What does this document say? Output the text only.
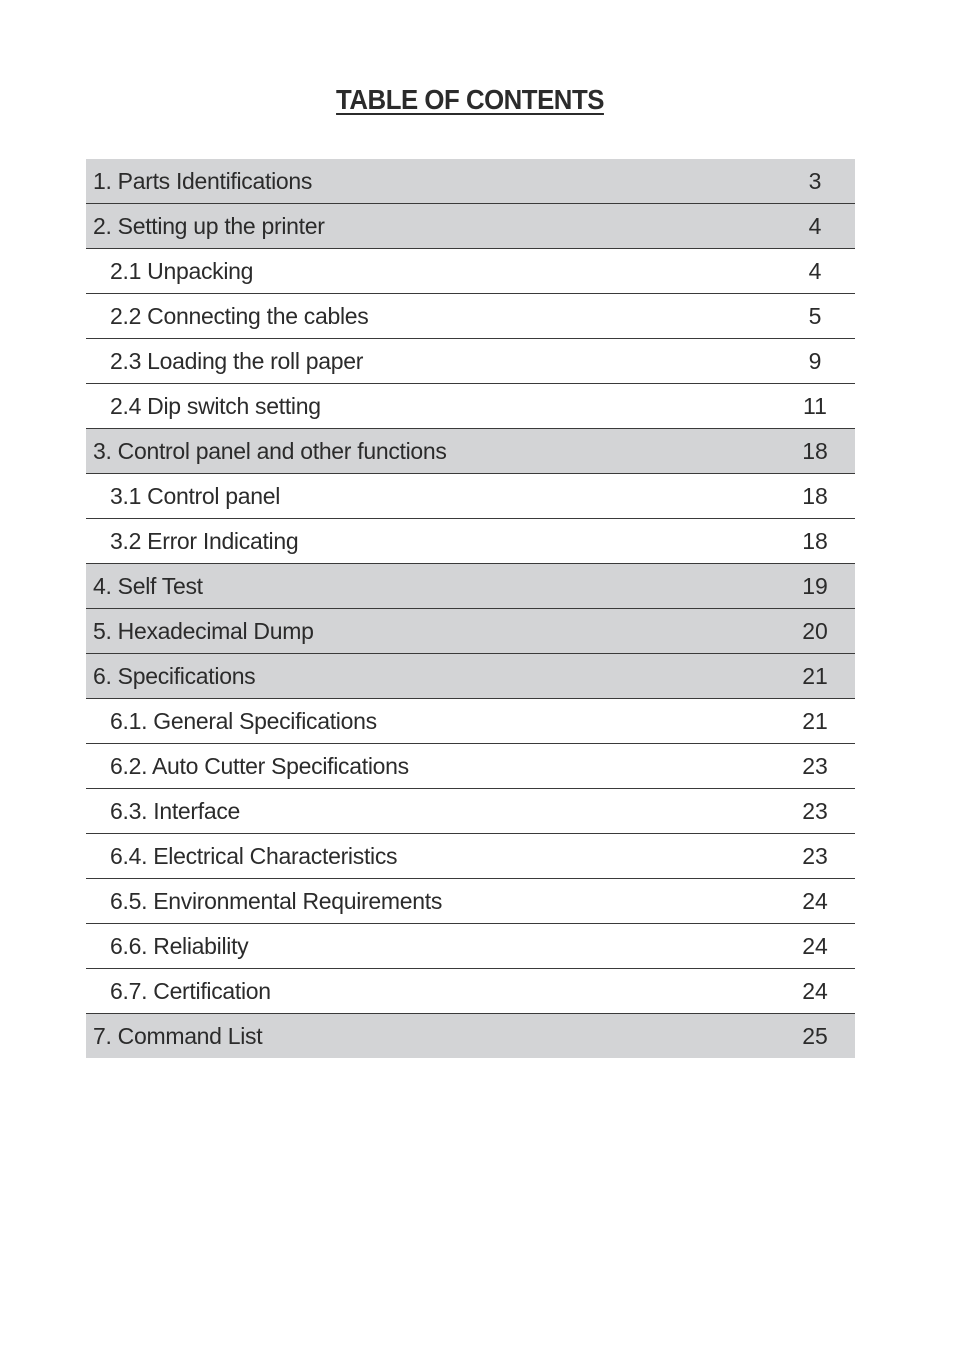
TABLE OF CONTENTS
1. Parts Identifications	3
2. Setting up the printer	4
2.1 Unpacking	4
2.2 Connecting the cables	5
2.3 Loading the roll paper	9
2.4 Dip switch setting	11
3. Control panel and other functions	18
3.1 Control panel	18
3.2 Error Indicating	18
4. Self Test	19
5. Hexadecimal Dump	20
6. Specifications	21
6.1. General Specifications	21
6.2. Auto Cutter Specifications	23
6.3. Interface	23
6.4. Electrical Characteristics	23
6.5. Environmental Requirements	24
6.6. Reliability	24
6.7. Certification	24
7. Command List	25
